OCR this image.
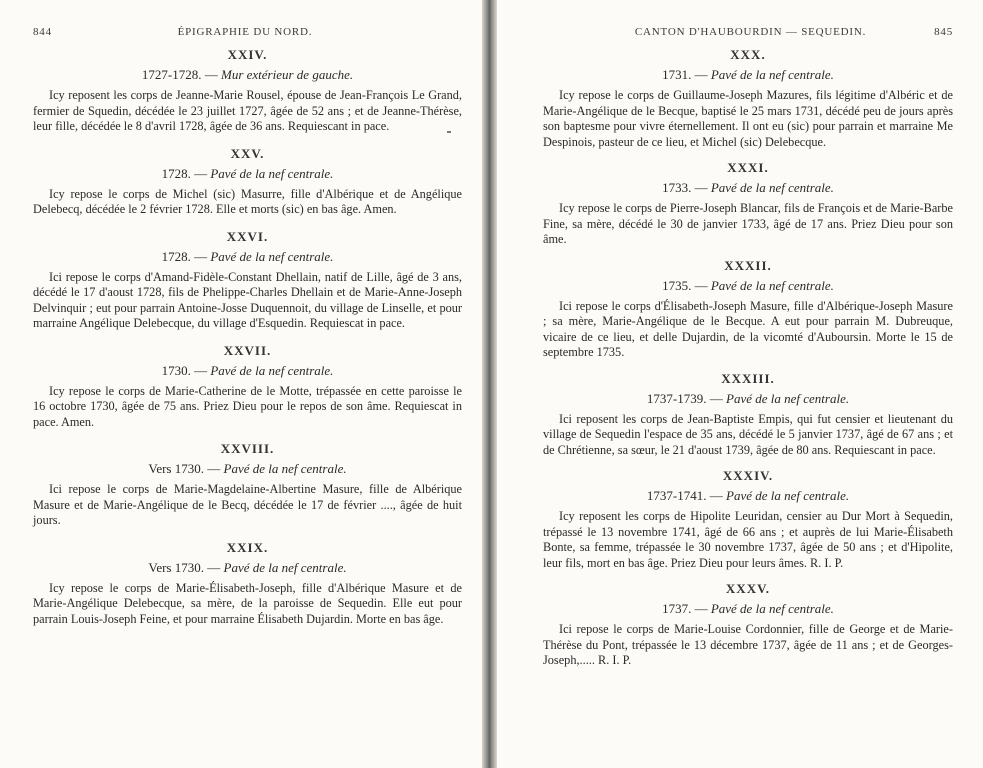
844	ÉPIGRAPHIE DU NORD.
XXIV.
1727-1728. — Mur extérieur de gauche.

Icy reposent les corps de Jeanne-Marie Rousel, épouse de Jean-François Le Grand, fermier de Squedin, décédée le 23 juillet 1727, âgée de 52 ans ; et de Jeanne-Thérèse, leur fille, décédée le 8 d'avril 1728, âgée de 36 ans. Requiescant in pace.

XXV.
1728. — Pavé de la nef centrale.

Icy repose le corps de Michel (sic) Masurre, fille d'Albérique et de Angélique Delebecq, décédée le 2 février 1728. Elle et morts (sic) en bas âge. Amen.

XXVI.
1728. — Pavé de la nef centrale.

Ici repose le corps d'Amand-Fidèle-Constant Dhellain, natif de Lille, âgé de 3 ans, décédé le 17 d'aoust 1728, fils de Phelippe-Charles Dhellain et de Marie-Anne-Joseph Delvinquir ; eut pour parrain Antoine-Josse Duquennoit, du village de Linselle, et pour marraine Angélique Delebecque, du village d'Esquedin. Requiescat in pace.

XXVII.
1730. — Pavé de la nef centrale.

Icy repose le corps de Marie-Catherine de le Motte, trépassée en cette paroisse le 16 octobre 1730, âgée de 75 ans. Priez Dieu pour le repos de son âme. Requiescat in pace. Amen.

XXVIII.
Vers 1730. — Pavé de la nef centrale.

Ici repose le corps de Marie-Magdelaine-Albertine Masure, fille de Albérique Masure et de Marie-Angélique de le Becq, décédée le 17 de février ...., âgée de huit jours.

XXIX.
Vers 1730. — Pavé de la nef centrale.

Icy repose le corps de Marie-Élisabeth-Joseph, fille d'Albérique Masure et de Marie-Angélique Delebecque, sa mère, de la paroisse de Sequedin. Elle eut pour parrain Louis-Joseph Feine, et pour marraine Élisabeth Dujardin. Morte en bas âge.

CANTON D'HAUBOURDIN — SEQUEDIN.	845
XXX.
1731. — Pavé de la nef centrale.

Icy repose le corps de Guillaume-Joseph Mazures, fils légitime d'Albéric et de Marie-Angélique de le Becque, baptisé le 25 mars 1731, décédé peu de jours après son baptesme pour vivre éternellement. Il ont eu (sic) pour parrain et marraine Me Despinois, pasteur de ce lieu, et Michel (sic) Delebecque.

XXXI.
1733. — Pavé de la nef centrale.

Icy repose le corps de Pierre-Joseph Blancar, fils de François et de Marie-Barbe Fine, sa mère, décédé le 30 de janvier 1733, âgé de 17 ans. Priez Dieu pour son âme.

XXXII.
1735. — Pavé de la nef centrale.

Ici repose le corps d'Élisabeth-Joseph Masure, fille d'Albérique-Joseph Masure ; sa mère, Marie-Angélique de le Becque. A eut pour parrain M. Dubreuque, vicaire de ce lieu, et delle Dujardin, de la vicomté d'Auboursin. Morte le 15 de septembre 1735.

XXXIII.
1737-1739. — Pavé de la nef centrale.

Ici reposent les corps de Jean-Baptiste Empis, qui fut censier et lieutenant du village de Sequedin l'espace de 35 ans, décédé le 5 janvier 1737, âgé de 67 ans ; et de Chrétienne, sa sœur, le 21 d'aoust 1739, âgée de 80 ans. Requiescant in pace.

XXXIV.
1737-1741. — Pavé de la nef centrale.

Icy reposent les corps de Hipolite Leuridan, censier au Dur Mort à Sequedin, trépassé le 13 novembre 1741, âgé de 66 ans ; et auprès de lui Marie-Élisabeth Bonte, sa femme, trépassée le 30 novembre 1737, âgée de 50 ans ; et d'Hipolite, leur fils, mort en bas âge. Priez Dieu pour leurs âmes. R. I. P.

XXXV.
1737. — Pavé de la nef centrale.

Ici repose le corps de Marie-Louise Cordonnier, fille de George et de Marie-Thérèse du Pont, trépassée le 13 décembre 1737, âgée de 11 ans ; et de Georges-Joseph,..... R. I. P.
